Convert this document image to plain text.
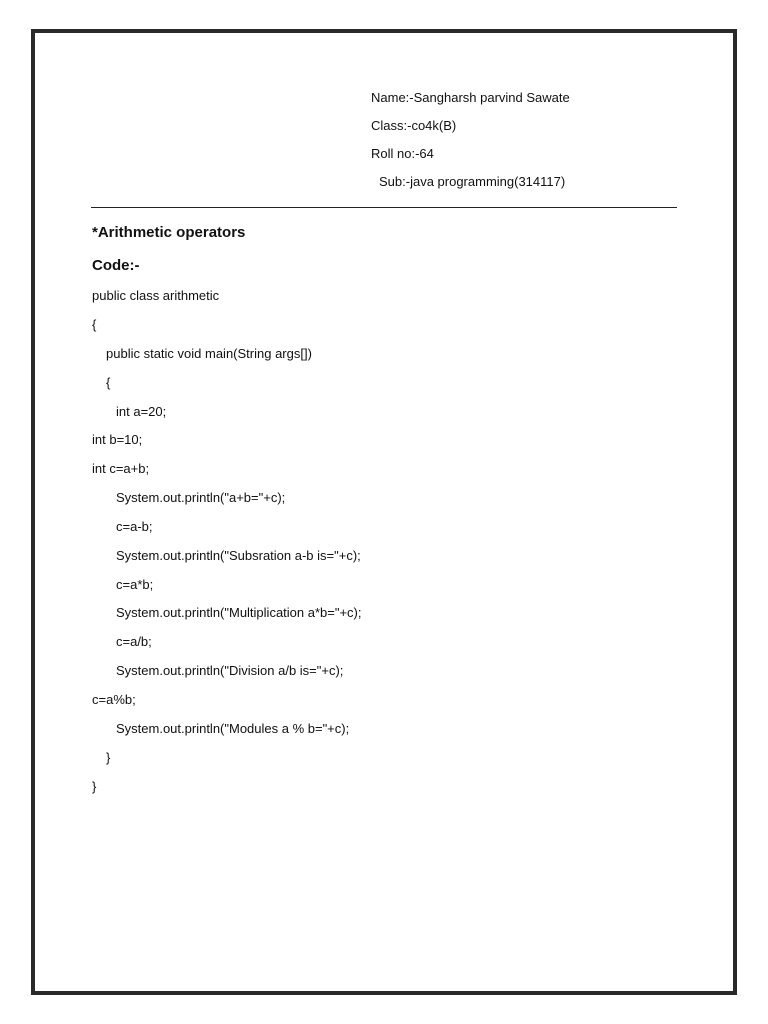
Name:-Sangharsh parvind Sawate
Class:-co4k(B)
Roll no:-64
Sub:-java programming(314117)
*Arithmetic operators
Code:-
public class arithmetic
{
public static void main(String args[])
{
int a=20;
int b=10;
int c=a+b;
System.out.println("a+b="+c);
c=a-b;
System.out.println("Subsration a-b is="+c);
c=a*b;
System.out.println("Multiplication a*b="+c);
c=a/b;
System.out.println("Division a/b is="+c);
c=a%b;
System.out.println("Modules a % b="+c);
}
}
